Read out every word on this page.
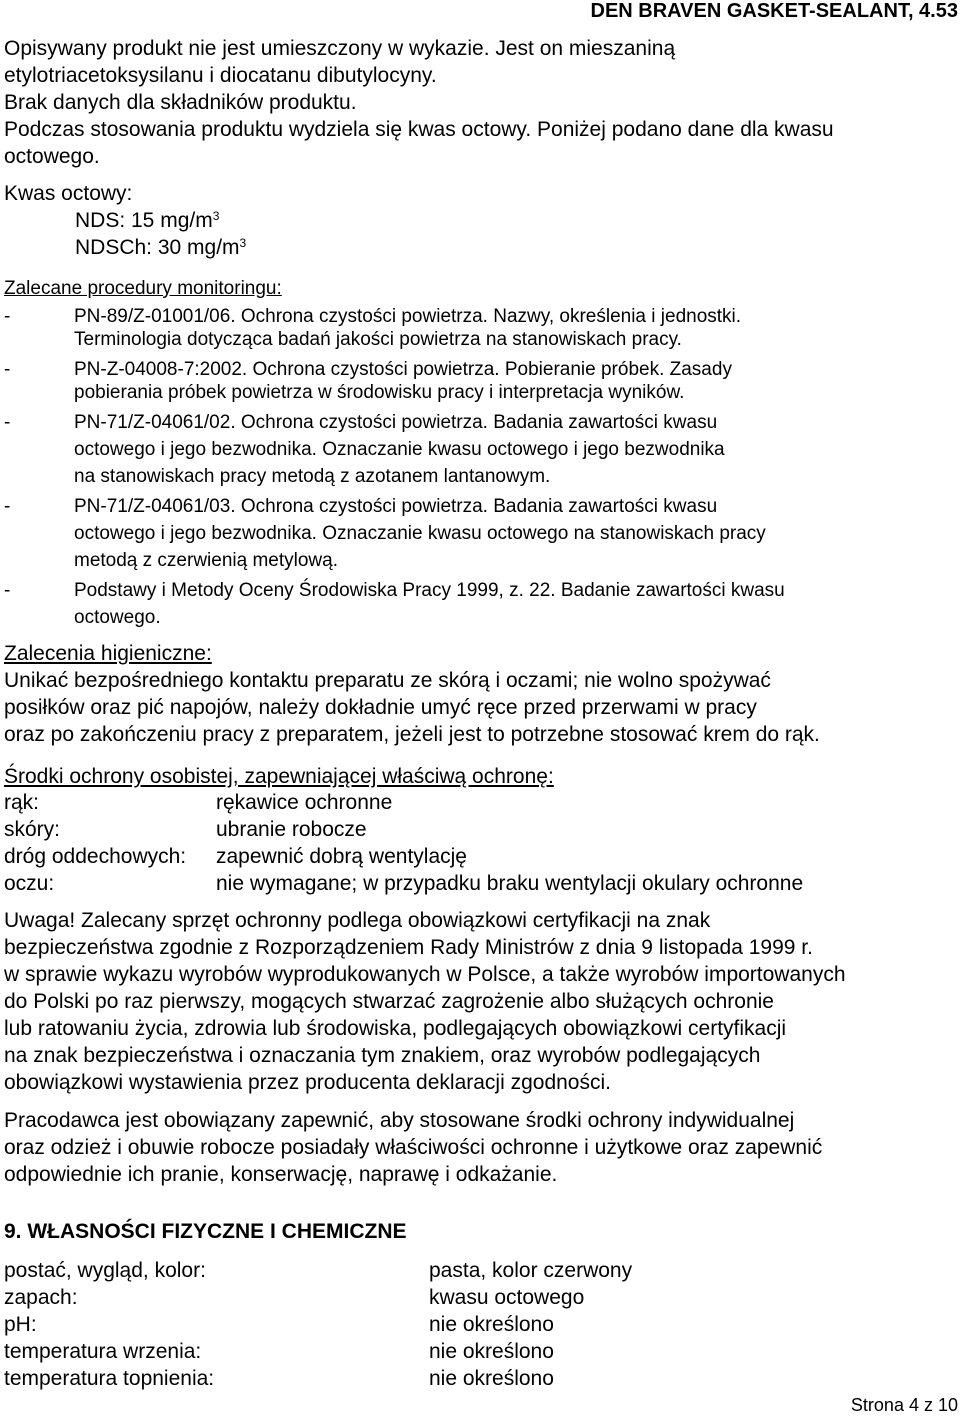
DEN BRAVEN GASKET-SEALANT, 4.53
Opisywany produkt nie jest umieszczony w wykazie. Jest on mieszaniną
etylotriacetoksysilanu i diocatanu dibutylocyny.
Brak danych dla składników produktu.
Podczas stosowania produktu wydziela się kwas octowy. Poniżej podano dane dla kwasu
octowego.
Kwas octowy:
NDS: 15 $mg/m^3$
NDSCh: 30 $mg/m^3$
Zalecane procedury monitoringu:
-	PN-89/Z-01001/06. Ochrona czystości powietrza. Nazwy, określenia i jednostki.
Terminologia dotycząca badań jakości powietrza na stanowiskach pracy.
-	PN-Z-04008-7:2002. Ochrona czystości powietrza. Pobieranie próbek. Zasady
pobierania próbek powietrza w środowisku pracy i interpretacja wyników.
-	PN-71/Z-04061/02. Ochrona czystości powietrza. Badania zawartości kwasu
octowego i jego bezwodnika. Oznaczanie kwasu octowego i jego bezwodnika
na stanowiskach pracy metodą z azotanem lantanowym.
-	PN-71/Z-04061/03. Ochrona czystości powietrza. Badania zawartości kwasu
octowego i jego bezwodnika. Oznaczanie kwasu octowego na stanowiskach pracy
metodą z czerwienią metylową.
-	Podstawy i Metody Oceny Środowiska Pracy 1999, z. 22. Badanie zawartości kwasu
octowego.
Zalecenia higieniczne:
Unikać bezpośredniego kontaktu preparatu ze skórą i oczami; nie wolno spożywać
posiłków oraz pić napojów, należy dokładnie umyć ręce przed przerwami w pracy
oraz po zakończeniu pracy z preparatem, jeżeli jest to potrzebne stosować krem do rąk.
Środki ochrony osobistej, zapewniającej właściwą ochronę:
rąk:	rękawice ochronne
skóry:	ubranie robocze
dróg oddechowych:	zapewnić dobrą wentylację
oczu:	nie wymagane; w przypadku braku wentylacji okulary ochronne
Uwaga! Zalecany sprzęt ochronny podlega obowiązkowi certyfikacji na znak
bezpieczeństwa zgodnie z Rozporządzeniem Rady Ministrów z dnia 9 listopada 1999 r.
w sprawie wykazu wyrobów wyprodukowanych w Polsce, a także wyrobów importowanych
do Polski po raz pierwszy, mogących stwarzać zagrożenie albo służących ochronie
lub ratowaniu życia, zdrowia lub środowiska, podlegających obowiązkowi certyfikacji
na znak bezpieczeństwa i oznaczania tym znakiem, oraz wyrobów podlegających
obowiązkowi wystawienia przez producenta deklaracji zgodności.
Pracodawca jest obowiązany zapewnić, aby stosowane środki ochrony indywidualnej
oraz odzież i obuwie robocze posiadały właściwości ochronne i użytkowe oraz zapewnić
odpowiednie ich pranie, konserwację, naprawę i odkażanie.
9. WŁASNOŚCI FIZYCZNE I CHEMICZNE
postać, wygląd, kolor:	pasta, kolor czerwony
zapach:	kwasu octowego
pH:	nie określono
temperatura wrzenia:	nie określono
temperatura topnienia:	nie określono
Strona 4 z 10
